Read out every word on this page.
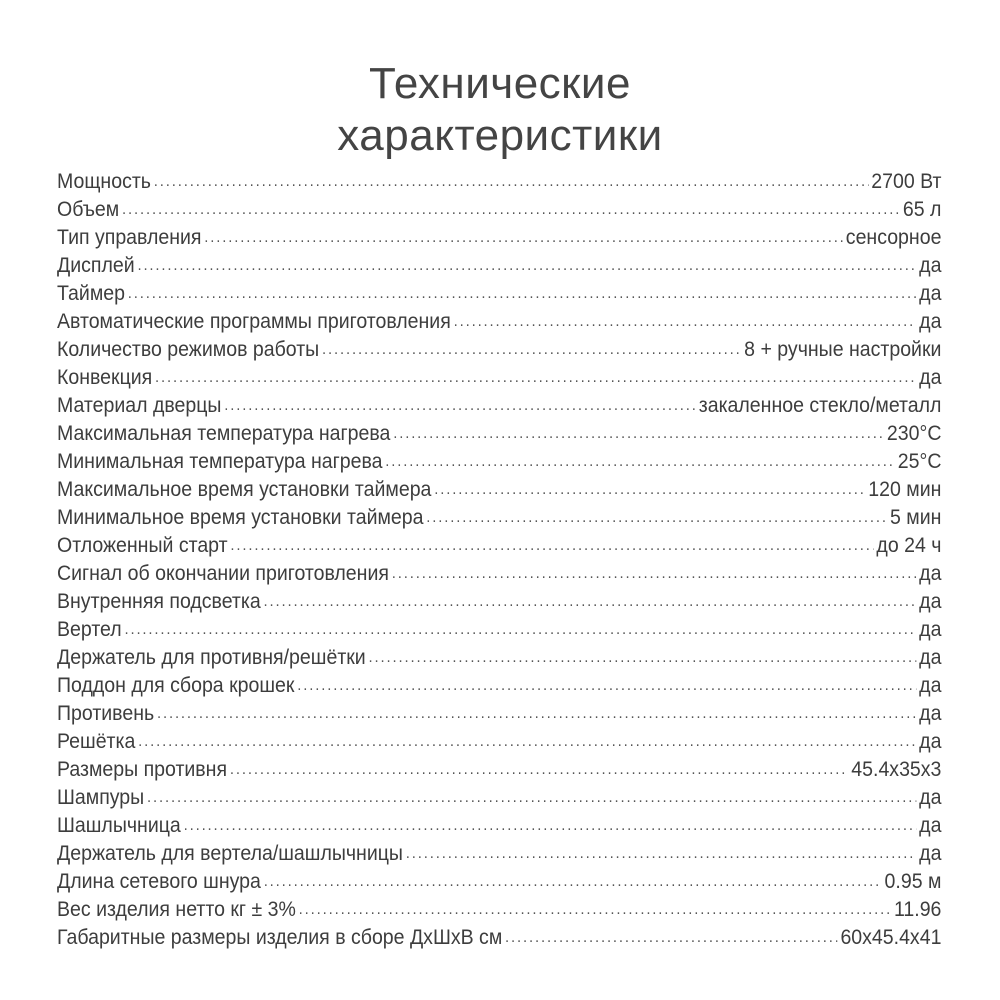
Технические
характеристики
Мощность .....	2700 Вт
Объем .....	65 л
Тип управления .....	сенсорное
Дисплей .....	да
Таймер .....	да
Автоматические программы приготовления .....	да
Количество режимов работы .....	8 + ручные настройки
Конвекция .....	да
Материал дверцы .....	закаленное стекло/металл
Максимальная температура нагрева .....	230°С
Минимальная температура нагрева .....	25°С
Максимальное время установки таймера .....	120 мин
Минимальное время установки таймера .....	5 мин
Отложенный старт .....	до 24 ч
Сигнал об окончании приготовления .....	да
Внутренняя подсветка .....	да
Вертел .....	да
Держатель для противня/решётки .....	да
Поддон для сбора крошек .....	да
Противень .....	да
Решётка .....	да
Размеры противня .....	45.4х35х3
Шампуры .....	да
Шашлычница .....	да
Держатель для вертела/шашлычницы .....	да
Длина сетевого шнура .....	0.95 м
Вес изделия нетто кг ± 3% .....	11.96
Габаритные размеры изделия в сборе ДхШхВ см .....	60х45.4х41
